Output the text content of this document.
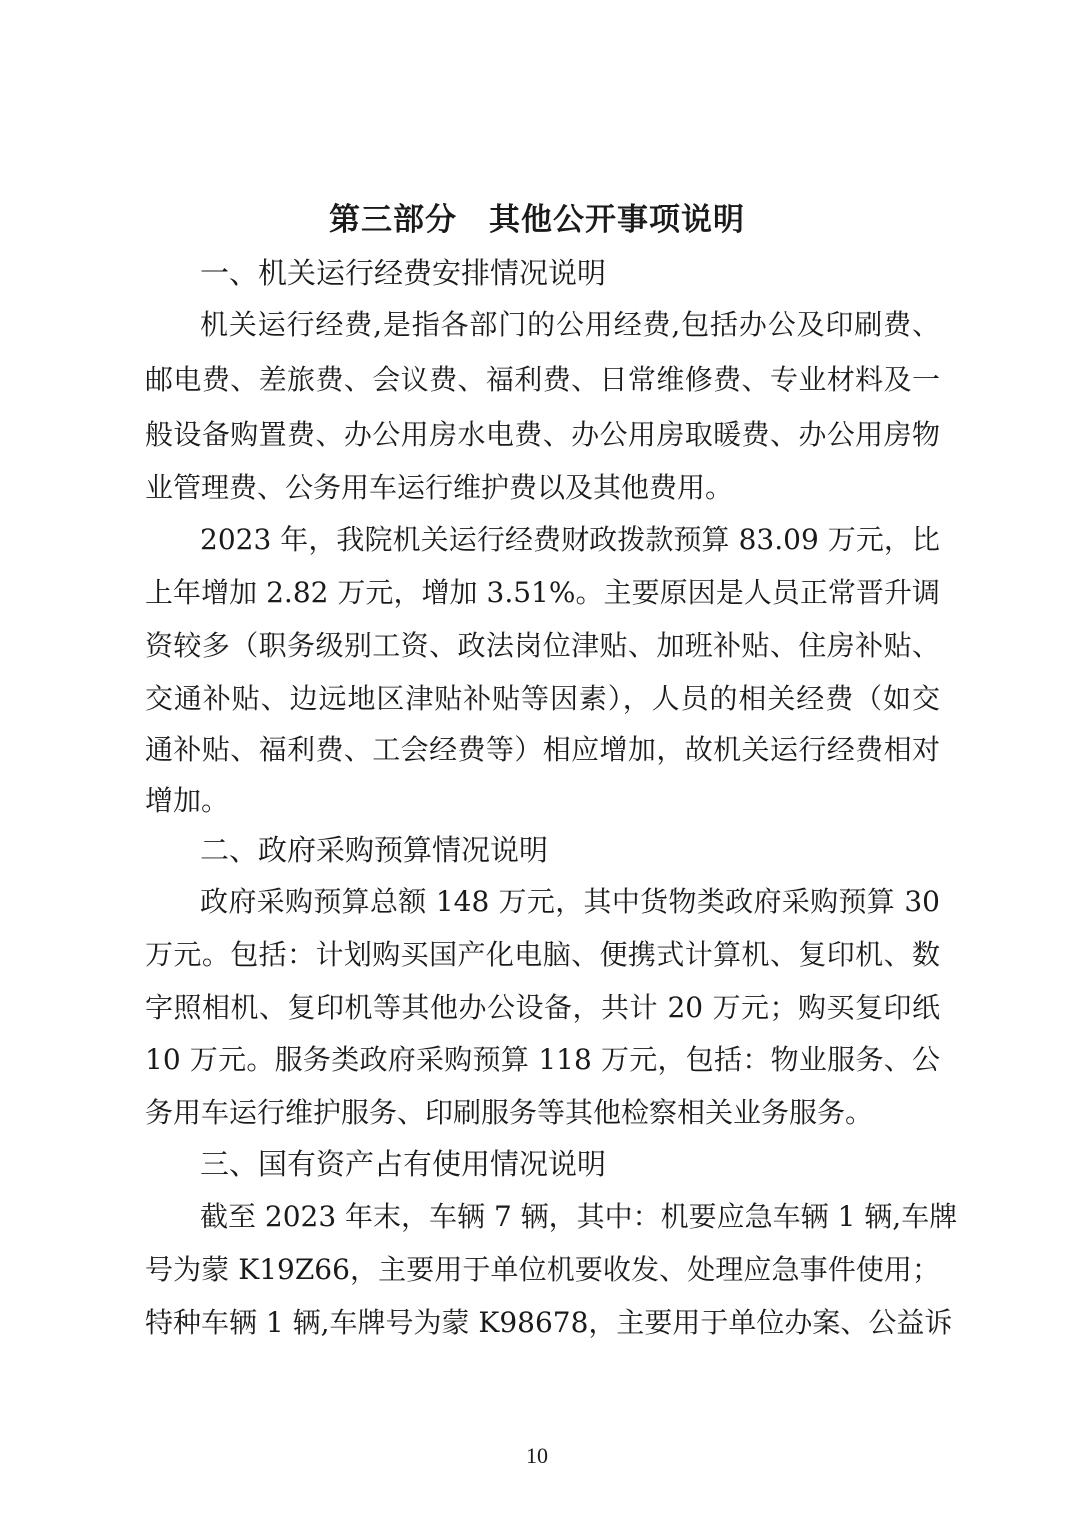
第三部分　其他公开事项说明
一、机关运行经费安排情况说明
机关运行经费,是指各部门的公用经费,包括办公及印刷费、
邮电费、差旅费、会议费、福利费、日常维修费、专业材料及一
般设备购置费、办公用房水电费、办公用房取暖费、办公用房物
业管理费、公务用车运行维护费以及其他费用。
2023 年，我院机关运行经费财政拨款预算 83.09 万元，比
上年增加 2.82 万元，增加 3.51%。主要原因是人员正常晋升调
资较多（职务级别工资、政法岗位津贴、加班补贴、住房补贴、
交通补贴、边远地区津贴补贴等因素），人员的相关经费（如交
通补贴、福利费、工会经费等）相应增加，故机关运行经费相对
增加。
二、政府采购预算情况说明
政府采购预算总额 148 万元，其中货物类政府采购预算 30
万元。包括：计划购买国产化电脑、便携式计算机、复印机、数
字照相机、复印机等其他办公设备，共计 20 万元；购买复印纸
10 万元。服务类政府采购预算 118 万元，包括：物业服务、公
务用车运行维护服务、印刷服务等其他检察相关业务服务。
三、国有资产占有使用情况说明
截至 2023 年末，车辆 7 辆，其中：机要应急车辆 1 辆,车牌
号为蒙 K19Z66，主要用于单位机要收发、处理应急事件使用；
特种车辆 1 辆,车牌号为蒙 K98678，主要用于单位办案、公益诉
10
